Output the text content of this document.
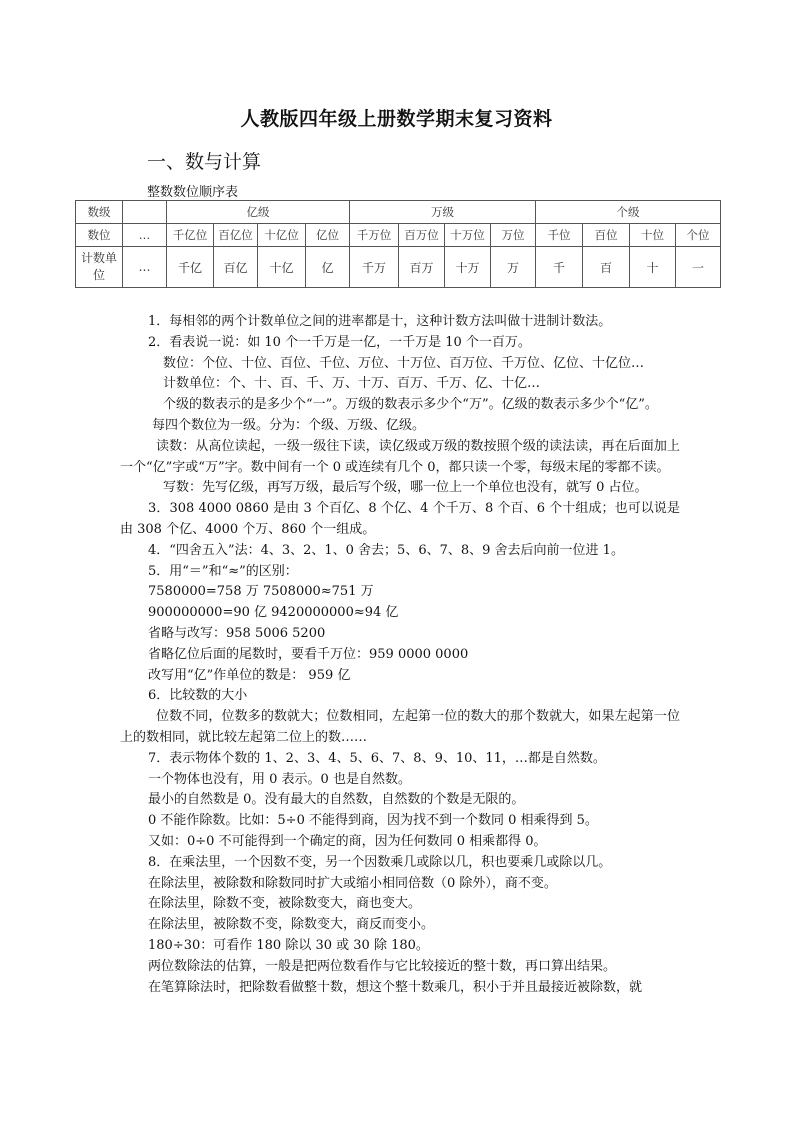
人教版四年级上册数学期末复习资料
一、数与计算
整数数位顺序表
数级		亿级				万级				个级			
数位	…	千亿位	百亿位	十亿位	亿位	千万位	百万位	十万位	万位	千位	百位	十位	个位
计数单位	…	千亿	百亿	十亿	亿	千万	百万	十万	万	千	百	十	一

1．每相邻的两个计数单位之间的进率都是十，这种计数方法叫做十进制计数法。

2．看表说一说：如 10 个一千万是一亿，一千万是 10 个一百万。

数位：个位、十位、百位、千位、万位、十万位、百万位、千万位、亿位、十亿位…

计数单位：个、十、百、千、万、十万、百万、千万、亿、十亿…

个级的数表示的是多少个“一”。万级的数表示多少个“万”。亿级的数表示多少个“亿”。

每四个数位为一级。分为：个级、万级、亿级。

读数：从高位读起，一级一级往下读，读亿级或万级的数按照个级的读法读，再在后面加上一个“亿”字或“万”字。数中间有一个 0 或连续有几个 0，都只读一个零，每级末尾的零都不读。

写数：先写亿级，再写万级，最后写个级，哪一位上一个单位也没有，就写 0 占位。

3．308 4000 0860 是由 3 个百亿、8 个亿、4 个千万、8 个百、6 个十组成；也可以说是由 308 个亿、4000 个万、860 个一组成。

4．“四舍五入”法：4、3、2、1、0 舍去；5、6、7、8、9 舍去后向前一位进 1。

5．用“＝”和“≈”的区别：

7580000=758 万 7508000≈751 万

900000000=90 亿 9420000000≈94 亿

省略与改写：958 5006 5200

省略亿位后面的尾数时，要看千万位：959 0000 0000

改写用“亿”作单位的数是： 959 亿

6．比较数的大小

位数不同，位数多的数就大；位数相同，左起第一位的数大的那个数就大，如果左起第一位上的数相同，就比较左起第二位上的数……

7．表示物体个数的 1、2、3、4、5、6、7、8、9、10、11，…都是自然数。

一个物体也没有，用 0 表示。0 也是自然数。

最小的自然数是 0。没有最大的自然数，自然数的个数是无限的。

0 不能作除数。比如：5÷0 不能得到商，因为找不到一个数同 0 相乘得到 5。

又如：0÷0 不可能得到一个确定的商，因为任何数同 0 相乘都得 0。

8．在乘法里，一个因数不变，另一个因数乘几或除以几，积也要乘几或除以几。

在除法里，被除数和除数同时扩大或缩小相同倍数（0 除外），商不变。

在除法里，除数不变，被除数变大，商也变大。

在除法里，被除数不变，除数变大，商反而变小。

180÷30：可看作 180 除以 30 或 30 除 180。

两位数除法的估算，一般是把两位数看作与它比较接近的整十数，再口算出结果。

在笔算除法时，把除数看做整十数，想这个整十数乘几，积小于并且最接近被除数，就
